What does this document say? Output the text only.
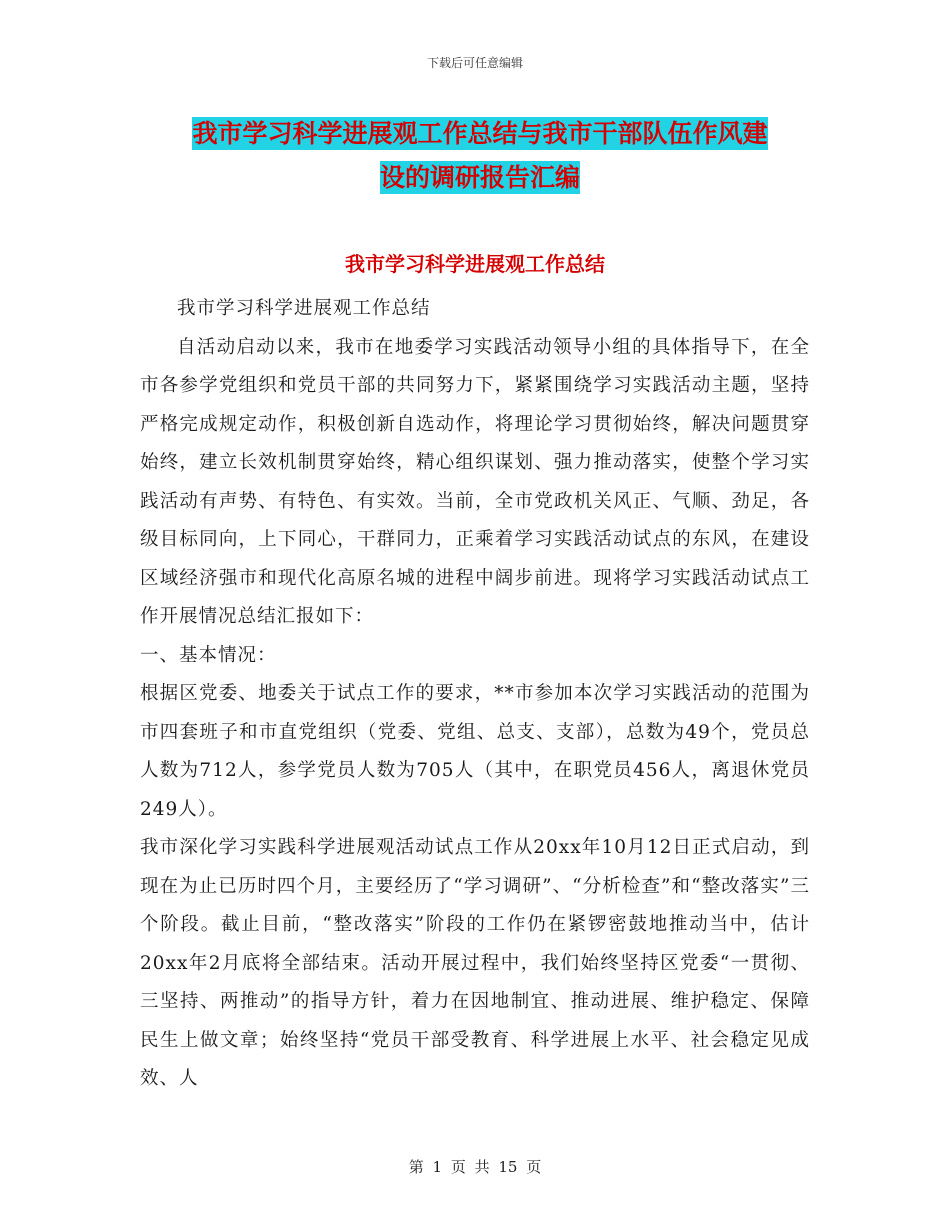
下载后可任意编辑
我市学习科学进展观工作总结与我市干部队伍作风建
设的调研报告汇编
我市学习科学进展观工作总结

我市学习科学进展观工作总结

自活动启动以来，我市在地委学习实践活动领导小组的具体指导下，在全市各参学党组织和党员干部的共同努力下，紧紧围绕学习实践活动主题，坚持严格完成规定动作，积极创新自选动作，将理论学习贯彻始终，解决问题贯穿始终，建立长效机制贯穿始终，精心组织谋划、强力推动落实，使整个学习实践活动有声势、有特色、有实效。当前，全市党政机关风正、气顺、劲足，各级目标同向，上下同心，干群同力，正乘着学习实践活动试点的东风，在建设区域经济强市和现代化高原名城的进程中阔步前进。现将学习实践活动试点工作开展情况总结汇报如下：

一、基本情况：

根据区党委、地委关于试点工作的要求，**市参加本次学习实践活动的范围为市四套班子和市直党组织（党委、党组、总支、支部），总数为49个，党员总人数为712人，参学党员人数为705人（其中，在职党员456人，离退休党员249人）。

我市深化学习实践科学进展观活动试点工作从20xx年10月12日正式启动，到现在为止已历时四个月，主要经历了“学习调研”、“分析检查”和“整改落实”三个阶段。截止目前，“整改落实”阶段的工作仍在紧锣密鼓地推动当中，估计20xx年2月底将全部结束。活动开展过程中，我们始终坚持区党委“一贯彻、三坚持、两推动”的指导方针，着力在因地制宜、推动进展、维护稳定、保障民生上做文章；始终坚持“党员干部受教育、科学进展上水平、社会稳定见成效、人

第 1 页 共 15 页
